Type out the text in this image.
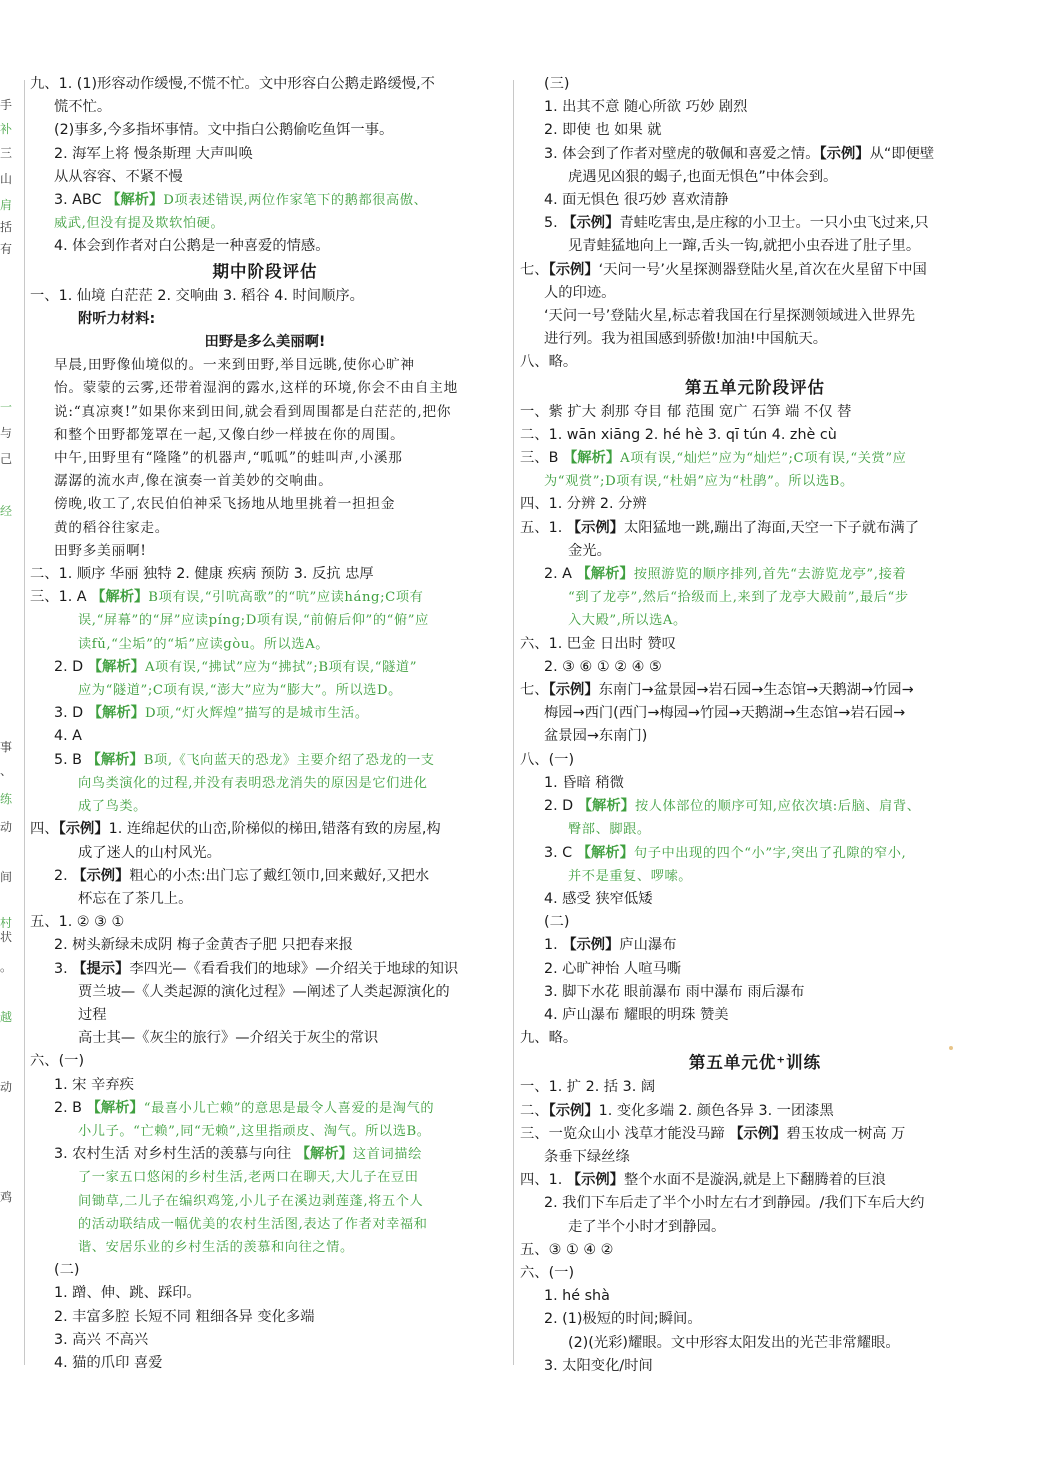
手
补
三
山
肩
括
有
一
与
己
经
事
、
练
动
间
村
状
。
越
动
鸡
九、1. (1)形容动作缓慢,不慌不忙。文中形容白公鹅走路缓慢,不
慌不忙。
(2)事多,今多指坏事情。文中指白公鹅偷吃鱼饵一事。
2. 海军上将 慢条斯理 大声叫唤
从从容容、不紧不慢
3. ABC 【解析】D项表述错误,两位作家笔下的鹅都很高傲、
威武,但没有提及欺软怕硬。
4. 体会到作者对白公鹅是一种喜爱的情感。
期中阶段评估
一、1. 仙境 白茫茫 2. 交响曲 3. 稻谷 4. 时间顺序。
附听力材料:
田野是多么美丽啊!
早晨,田野像仙境似的。一来到田野,举目远眺,使你心旷神
怡。蒙蒙的云雾,还带着湿润的露水,这样的环境,你会不由自主地
说:“真凉爽!”如果你来到田间,就会看到周围都是白茫茫的,把你
和整个田野都笼罩在一起,又像白纱一样披在你的周围。
中午,田野里有“隆隆”的机器声,“呱呱”的蛙叫声,小溪那
潺潺的流水声,像在演奏一首美妙的交响曲。
傍晚,收工了,农民伯伯神采飞扬地从地里挑着一担担金
黄的稻谷往家走。
田野多美丽啊!
二、1. 顺序 华丽 独特 2. 健康 疾病 预防 3. 反抗 忠厚
三、1. A 【解析】B项有误,“引吭高歌”的“吭”应读háng;C项有
误,“屏幕”的“屏”应读píng;D项有误,“前俯后仰”的“俯”应
读fǔ,“尘垢”的“垢”应读gòu。所以选A。
2. D 【解析】A项有误,“拂试”应为“拂拭”;B项有误,“隧道”
应为“隧道”;C项有误,“澎大”应为“膨大”。所以选D。
3. D 【解析】D项,“灯火辉煌”描写的是城市生活。
4. A
5. B 【解析】B项,《飞向蓝天的恐龙》主要介绍了恐龙的一支
向鸟类演化的过程,并没有表明恐龙消失的原因是它们进化
成了鸟类。
四、【示例】1. 连绵起伏的山峦,阶梯似的梯田,错落有致的房屋,构
成了迷人的山村风光。
2. 【示例】粗心的小杰:出门忘了戴红领巾,回来戴好,又把水
杯忘在了茶几上。
五、1. ② ③ ①
2. 树头新绿未成阴 梅子金黄杏子肥 只把春来报
3. 【提示】李四光—《看看我们的地球》—介绍关于地球的知识
贾兰坡—《人类起源的演化过程》—阐述了人类起源演化的
过程
高士其—《灰尘的旅行》—介绍关于灰尘的常识
六、(一)
1. 宋 辛弃疾
2. B 【解析】“最喜小儿亡赖”的意思是最令人喜爱的是淘气的
小儿子。“亡赖”,同“无赖”,这里指顽皮、淘气。所以选B。
3. 农村生活 对乡村生活的羡慕与向往 【解析】这首词描绘
了一家五口悠闲的乡村生活,老两口在聊天,大儿子在豆田
间锄草,二儿子在编织鸡笼,小儿子在溪边剥莲蓬,将五个人
的活动联结成一幅优美的农村生活图,表达了作者对幸福和
谐、安居乐业的乡村生活的羡慕和向往之情。
(二)
1. 蹭、伸、跳、踩印。
2. 丰富多腔 长短不同 粗细各异 变化多端
3. 高兴 不高兴
4. 猫的爪印 喜爱
(三)
1. 出其不意 随心所欲 巧妙 剧烈
2. 即使 也 如果 就
3. 体会到了作者对壁虎的敬佩和喜爱之情。【示例】从“即便壁
虎遇见凶狠的蝎子,也面无惧色”中体会到。
4. 面无惧色 很巧妙 喜欢清静
5. 【示例】青蛙吃害虫,是庄稼的小卫士。一只小虫飞过来,只
见青蛙猛地向上一蹿,舌头一钩,就把小虫吞进了肚子里。
七、【示例】‘天问一号’火星探测器登陆火星,首次在火星留下中国
人的印迹。
‘天问一号’登陆火星,标志着我国在行星探测领域进入世界先
进行列。我为祖国感到骄傲!加油!中国航天。
八、略。
第五单元阶段评估
一、紫 扩大 刹那 夺目 郁 范围 宽广 石笋 端 不仅 替
二、1. wān xiāng 2. hé hè 3. qī tún 4. zhè cù
三、B 【解析】A项有误,“灿烂”应为“灿烂”;C项有误,“关赏”应
为“观赏”;D项有误,“杜娟”应为“杜鹃”。所以选B。
四、1. 分辨 2. 分辨
五、1. 【示例】太阳猛地一跳,蹦出了海面,天空一下子就布满了
金光。
2. A 【解析】按照游览的顺序排列,首先“去游览龙亭”,接着
“到了龙亭”,然后“拾级而上,来到了龙亭大殿前”,最后“步
入大殿”,所以选A。
六、1. 巴金 日出时 赞叹
2. ③ ⑥ ① ② ④ ⑤
七、【示例】东南门→盆景园→岩石园→生态馆→天鹅湖→竹园→
梅园→西门(西门→梅园→竹园→天鹅湖→生态馆→岩石园→
盆景园→东南门)
八、(一)
1. 昏暗 稍微
2. D 【解析】按人体部位的顺序可知,应依次填:后脑、肩背、
臀部、脚跟。
3. C 【解析】句子中出现的四个“小”字,突出了孔隙的窄小,
并不是重复、啰嗦。
4. 感受 狭窄低矮
(二)
1. 【示例】庐山瀑布
2. 心旷神怡 人喧马嘶
3. 脚下水花 眼前瀑布 雨中瀑布 雨后瀑布
4. 庐山瀑布 耀眼的明珠 赞美
九、略。
第五单元优⁺训练
一、1. 扩 2. 括 3. 阔
二、【示例】1. 变化多端 2. 颜色各异 3. 一团漆黑
三、一览众山小 浅草才能没马蹄 【示例】碧玉妆成一树高 万
条垂下绿丝绦
四、1. 【示例】整个水面不是漩涡,就是上下翻腾着的巨浪
2. 我们下车后走了半个小时左右才到静园。/我们下车后大约
走了半个小时才到静园。
五、③ ① ④ ②
六、(一)
1. hé shà
2. (1)极短的时间;瞬间。
(2)(光彩)耀眼。文中形容太阳发出的光芒非常耀眼。
3. 太阳变化/时间
